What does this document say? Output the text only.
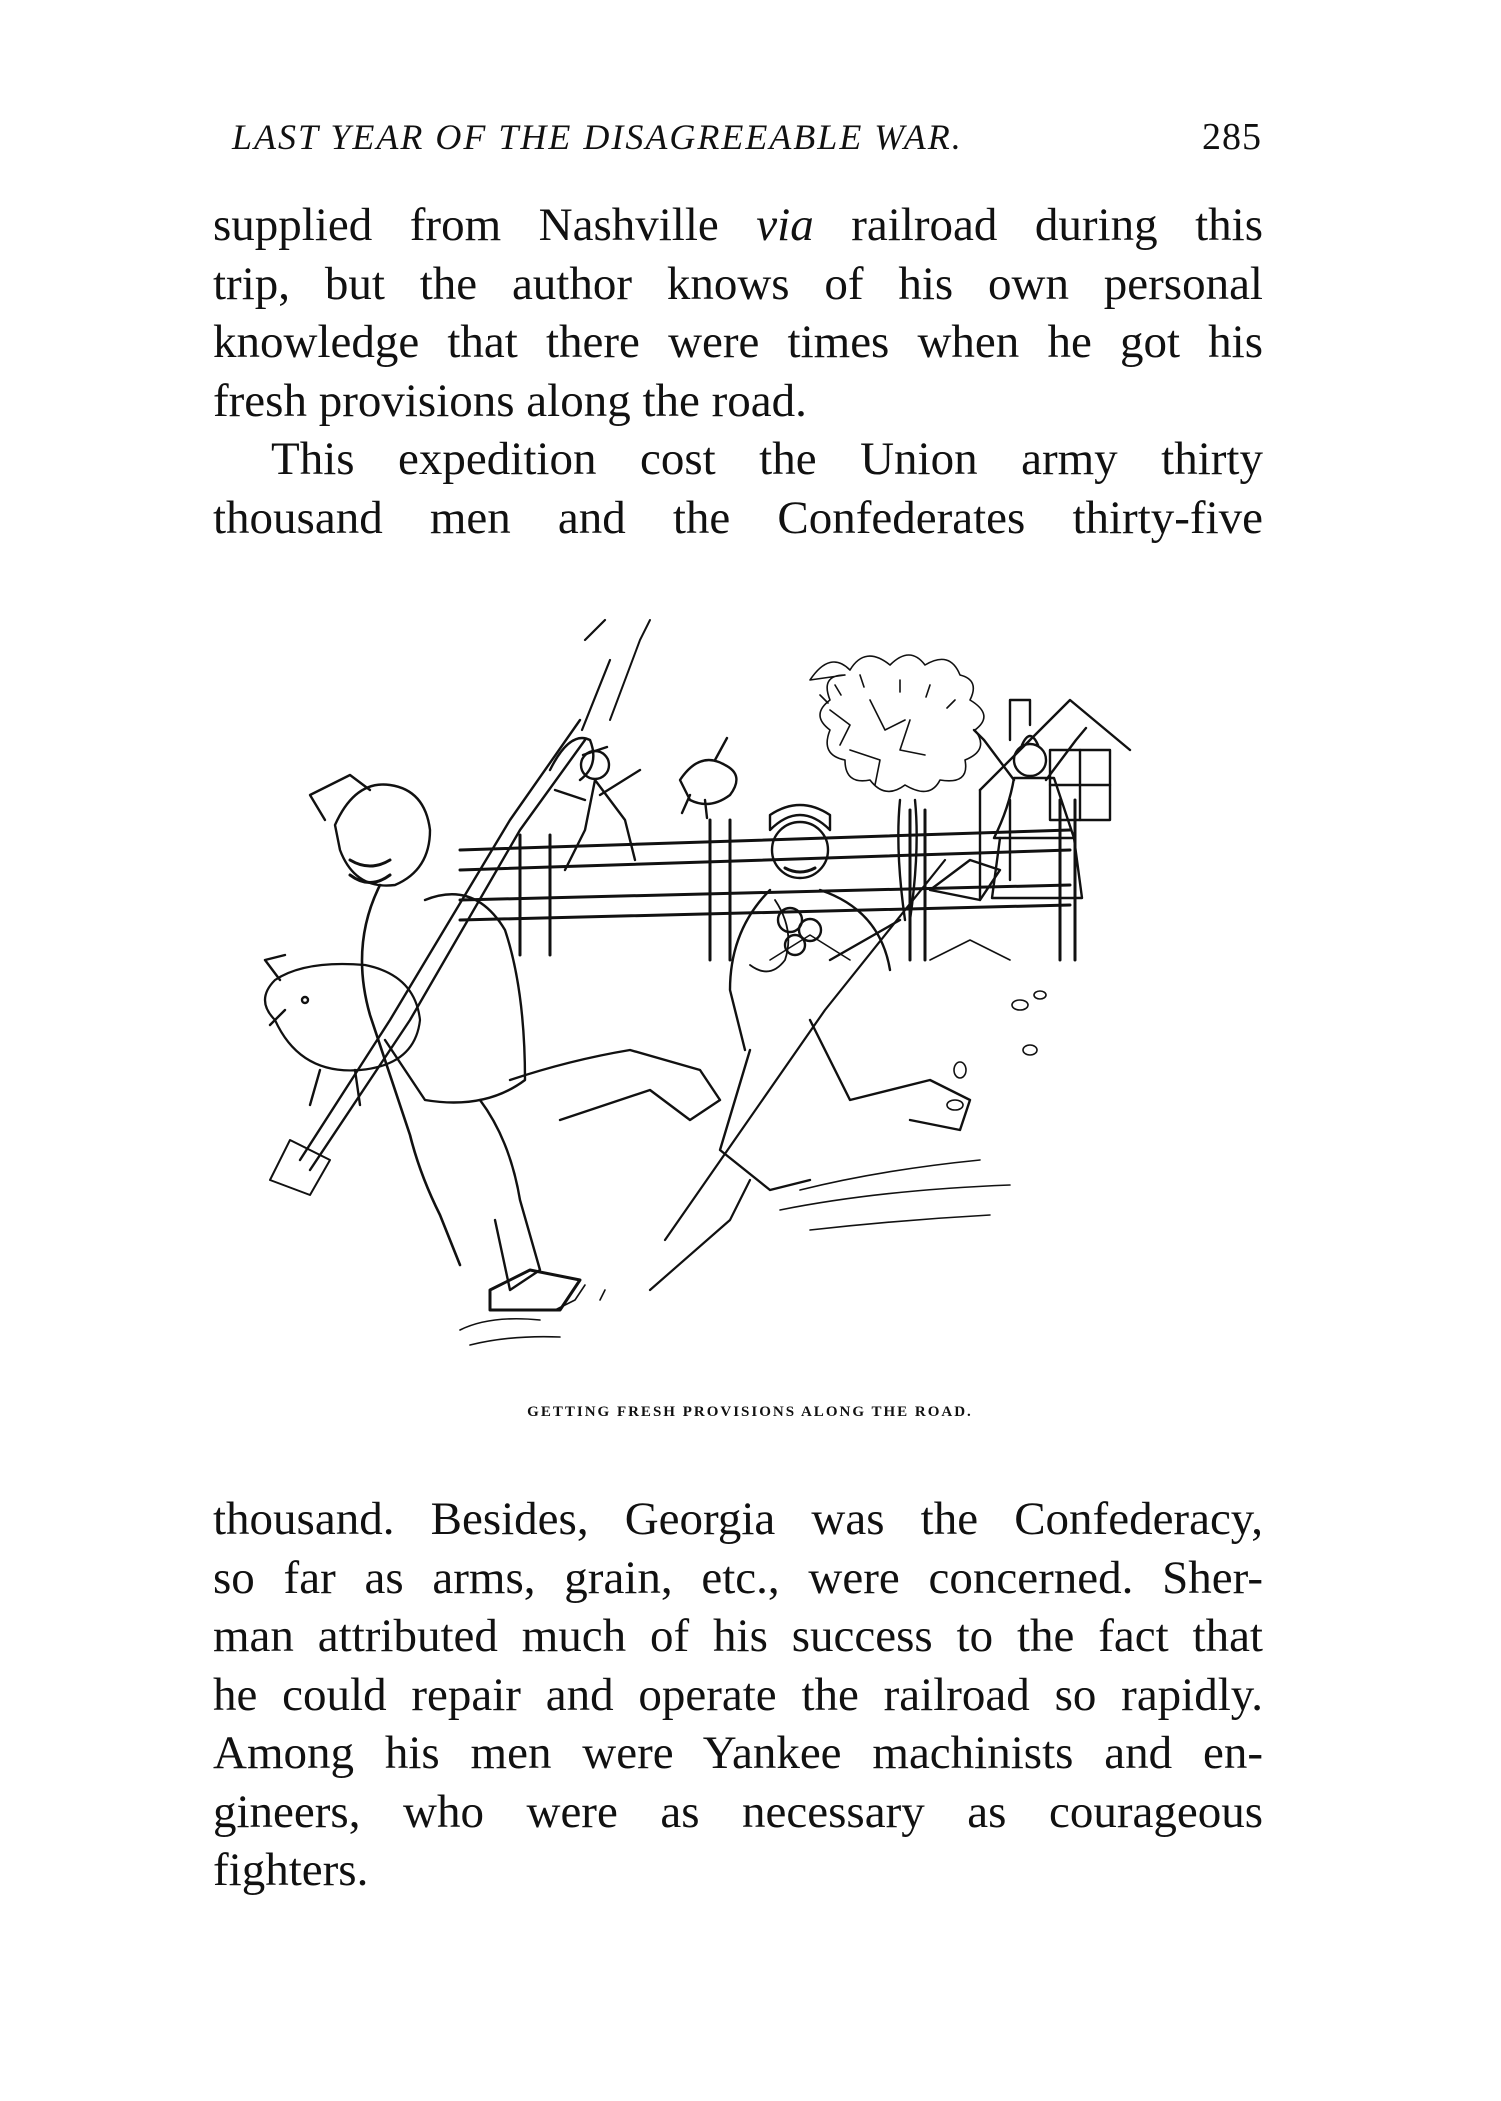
LAST YEAR OF THE DISAGREEABLE WAR.	285
supplied from Nashville via railroad during this
trip, but the author knows of his own personal
knowledge that there were times when he got his
fresh provisions along the road.
This expedition cost the Union army thirty
thousand men and the Confederates thirty-five
GETTING FRESH PROVISIONS ALONG THE ROAD.
thousand. Besides, Georgia was the Confederacy,
so far as arms, grain, etc., were concerned. Sher-
man attributed much of his success to the fact that
he could repair and operate the railroad so rapidly.
Among his men were Yankee machinists and en-
gineers, who were as necessary as courageous
fighters.
